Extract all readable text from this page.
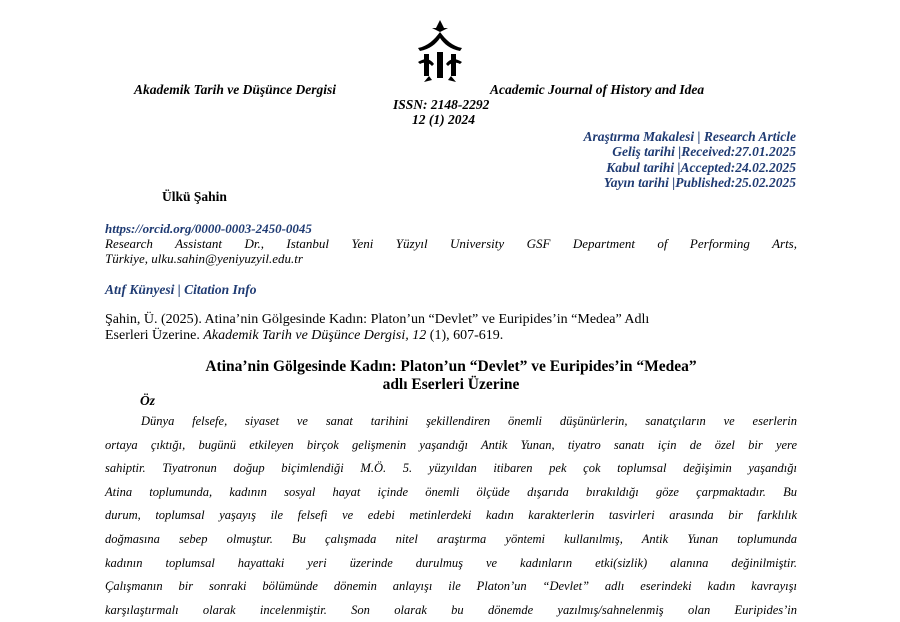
Akademik Tarih ve Düşünce Dergisi	Academic Journal of History and Idea
ISSN: 2148-2292
12 (1) 2024
Araştırma Makalesi | Research Article
Geliş tarihi |Received:27.01.2025
Kabul tarihi |Accepted:24.02.2025
Yayın tarihi |Published:25.02.2025
Ülkü Şahin
https://orcid.org/0000-0003-2450-0045
Research Assistant Dr., Istanbul Yeni Yüzyıl University GSF Department of Performing Arts,
Türkiye, ulku.sahin@yeniyuzyil.edu.tr
Atıf Künyesi | Citation Info
Şahin, Ü. (2025). Atina’nin Gölgesinde Kadın: Platon’un “Devlet” ve Euripides’in “Medea” Adlı
Eserleri Üzerine. Akademik Tarih ve Düşünce Dergisi, 12 (1), 607-619.
Atina’nin Gölgesinde Kadın: Platon’un “Devlet” ve Euripides’in “Medea”
adlı Eserleri Üzerine
Öz
Dünya felsefe, siyaset ve sanat tarihini şekillendiren önemli düşünürlerin, sanatçıların ve eserlerin
ortaya çıktığı, bugünü etkileyen birçok gelişmenin yaşandığı Antik Yunan, tiyatro sanatı için de özel bir yere
sahiptir. Tiyatronun doğup biçimlendiği M.Ö. 5. yüzyıldan itibaren pek çok toplumsal değişimin yaşandığı
Atina toplumunda, kadının sosyal hayat içinde önemli ölçüde dışarıda bırakıldığı göze çarpmaktadır. Bu
durum, toplumsal yaşayış ile felsefi ve edebi metinlerdeki kadın karakterlerin tasvirleri arasında bir farklılık
doğmasına sebep olmuştur. Bu çalışmada nitel araştırma yöntemi kullanılmış, Antik Yunan toplumunda
kadının toplumsal hayattaki yeri üzerinde durulmuş ve kadınların etki(sizlik) alanına değinilmiştir.
Çalışmanın bir sonraki bölümünde dönemin anlayışı ile Platon’un “Devlet” adlı eserindeki kadın kavrayışı
karşılaştırmalı olarak incelenmiştir. Son olarak bu dönemde yazılmış/sahnelenmiş olan Euripides’in
